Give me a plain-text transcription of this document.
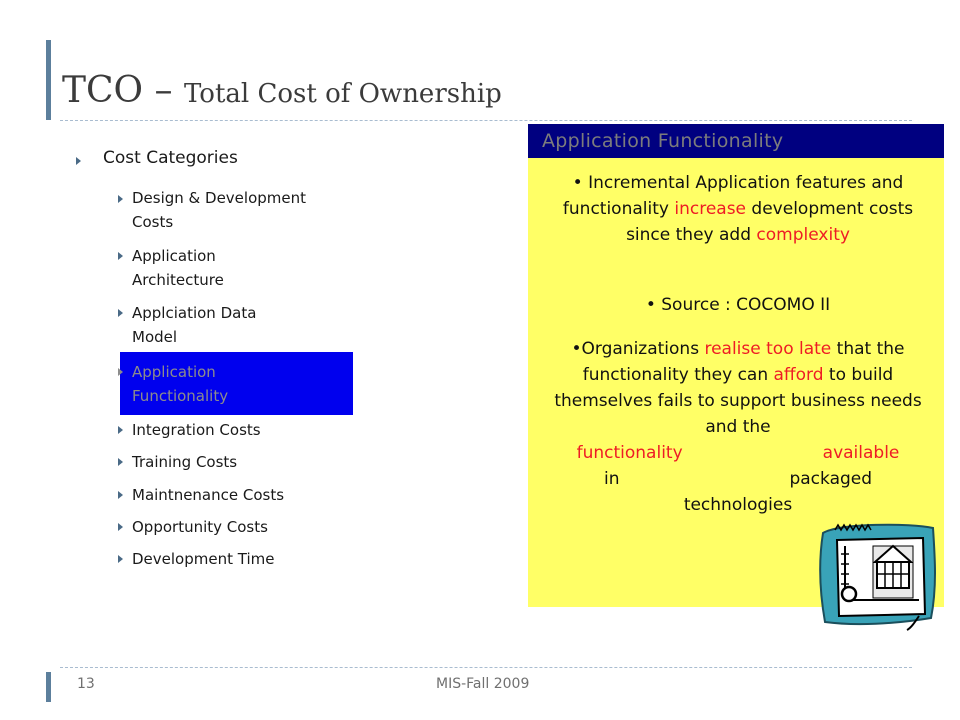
TCO – Total Cost of Ownership
Cost Categories
Design & Development
Costs
Application
Architecture
Applciation Data
Model
Application
Functionality
Integration Costs
Training Costs
Maintnenance Costs
Opportunity Costs
Development Time
Application Functionality
• Incremental Application features and functionality increase development costs since they add complexity
• Source : COCOMO II
•Organizations realise too late that the functionality they can afford to build themselves fails to support business needs and the
functionality	available
in	packaged
technologies
13	MIS-Fall 2009
